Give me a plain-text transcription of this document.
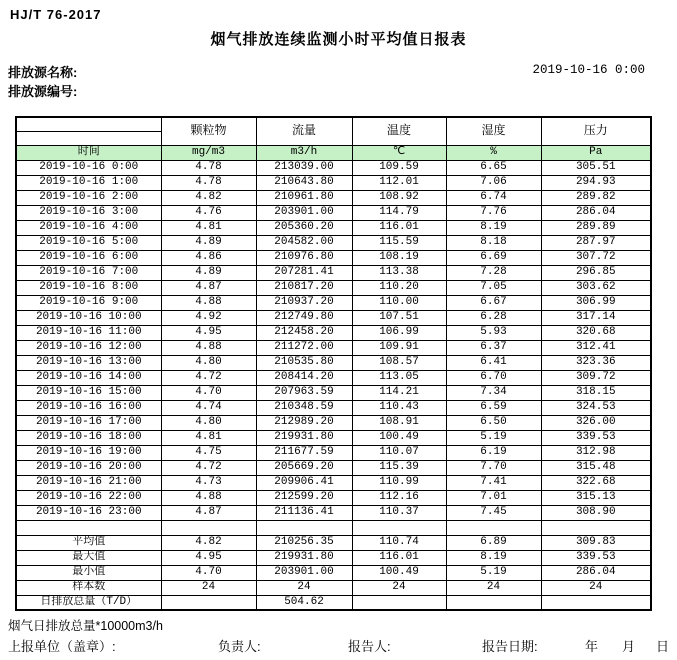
HJ/T 76-2017
烟气排放连续监测小时平均值日报表
排放源名称:
排放源编号:
2019-10-16 0:00
	颗粒物	流量	温度	湿度	压力
时间	mg/m3	m3/h	℃	%	Pa
2019-10-16 0:00	4.78	213039.00	109.59	6.65	305.51
2019-10-16 1:00	4.78	210643.80	112.01	7.06	294.93
2019-10-16 2:00	4.82	210961.80	108.92	6.74	289.82
2019-10-16 3:00	4.76	203901.00	114.79	7.76	286.04
2019-10-16 4:00	4.81	205360.20	116.01	8.19	289.89
2019-10-16 5:00	4.89	204582.00	115.59	8.18	287.97
2019-10-16 6:00	4.86	210976.80	108.19	6.69	307.72
2019-10-16 7:00	4.89	207281.41	113.38	7.28	296.85
2019-10-16 8:00	4.87	210817.20	110.20	7.05	303.62
2019-10-16 9:00	4.88	210937.20	110.00	6.67	306.99
2019-10-16 10:00	4.92	212749.80	107.51	6.28	317.14
2019-10-16 11:00	4.95	212458.20	106.99	5.93	320.68
2019-10-16 12:00	4.88	211272.00	109.91	6.37	312.41
2019-10-16 13:00	4.80	210535.80	108.57	6.41	323.36
2019-10-16 14:00	4.72	208414.20	113.05	6.70	309.72
2019-10-16 15:00	4.70	207963.59	114.21	7.34	318.15
2019-10-16 16:00	4.74	210348.59	110.43	6.59	324.53
2019-10-16 17:00	4.80	212989.20	108.91	6.50	326.00
2019-10-16 18:00	4.81	219931.80	100.49	5.19	339.53
2019-10-16 19:00	4.75	211677.59	110.07	6.19	312.98
2019-10-16 20:00	4.72	205669.20	115.39	7.70	315.48
2019-10-16 21:00	4.73	209906.41	110.99	7.41	322.68
2019-10-16 22:00	4.88	212599.20	112.16	7.01	315.13
2019-10-16 23:00	4.87	211136.41	110.37	7.45	308.90

平均值	4.82	210256.35	110.74	6.89	309.83
最大值	4.95	219931.80	116.01	8.19	339.53
最小值	4.70	203901.00	100.49	5.19	286.04
样本数	24	24	24	24	24
日排放总量（T/D）		504.62			
烟气日排放总量*10000m3/h
上报单位（盖章）:	负责人:	报告人:	报告日期:	年 月 日
